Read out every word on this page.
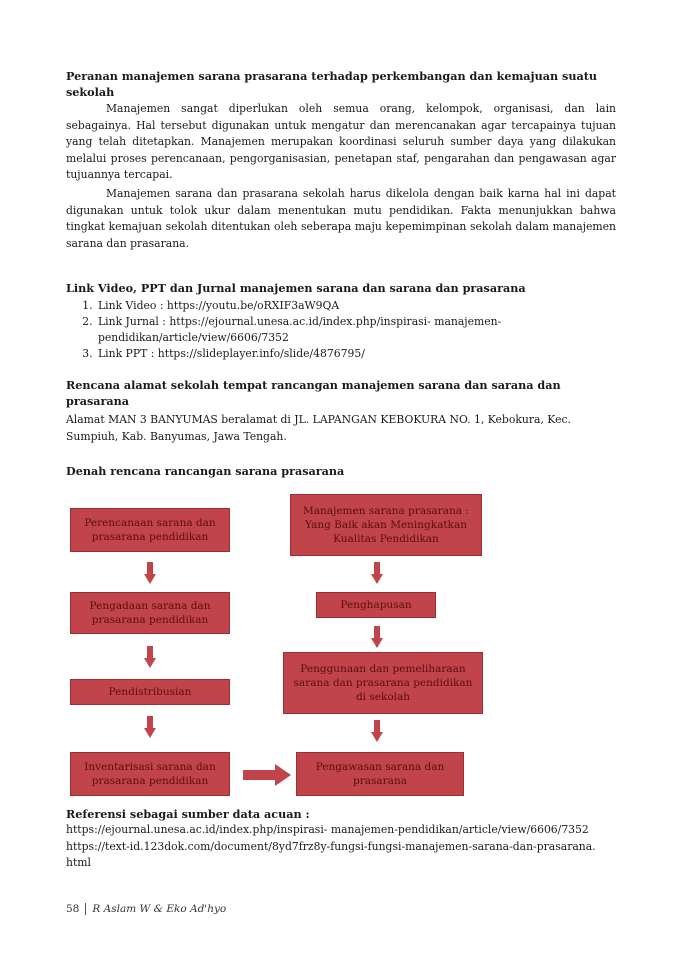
Peranan manajemen sarana prasarana terhadap perkembangan dan kemajuan suatu sekolah
Manajemen sangat diperlukan oleh semua orang, kelompok, organisasi, dan lain sebagainya. Hal tersebut digunakan untuk mengatur dan merencanakan agar tercapainya tujuan yang telah ditetapkan. Manajemen merupakan koordinasi seluruh sumber daya yang dilakukan melalui proses perencanaan, pengorganisasian, penetapan staf, pengarahan dan pengawasan agar tujuannya tercapai.
Manajemen sarana dan prasarana sekolah harus dikelola dengan baik karna hal ini dapat digunakan untuk tolok ukur dalam menentukan mutu pendidikan. Fakta menunjukkan bahwa tingkat kemajuan sekolah ditentukan oleh seberapa maju kepemimpinan sekolah dalam manajemen sarana dan prasarana.
Link Video, PPT dan Jurnal manajemen sarana dan sarana dan prasarana
1. Link Video : https://youtu.be/oRXIF3aW9QA
2. Link Jurnal : https://ejournal.unesa.ac.id/index.php/inspirasi- manajemen-pendidikan/article/view/6606/7352
3. Link PPT : https://slideplayer.info/slide/4876795/
Rencana alamat sekolah tempat rancangan manajemen sarana dan sarana dan prasarana
Alamat MAN 3 BANYUMAS beralamat di JL. LAPANGAN KEBOKURA NO. 1, Kebokura, Kec. Sumpiuh, Kab. Banyumas, Jawa Tengah.
Denah rencana rancangan sarana prasarana
Perencanaan sarana dan prasarana pendidikan
Pengadaan sarana dan prasarana pendidikan
Pendistribusian
Inventarisasi sarana dan prasarana pendidikan
Manajemen sarana prasarana : Yang Baik akan Meningkatkan Kualitas Pendidikan
Penghapusan
Penggunaan dan pemeliharaan sarana dan prasarana pendidikan di sekolah
Pengawasan sarana dan prasarana
Referensi sebagai sumber data acuan :
https://ejournal.unesa.ac.id/index.php/inspirasi- manajemen-pendidikan/article/view/6606/7352 https://text-id.123dok.com/document/8yd7frz8y-fungsi-fungsi-manajemen-sarana-dan-prasarana.html
58 R Aslam W & Eko Ad'hyo
